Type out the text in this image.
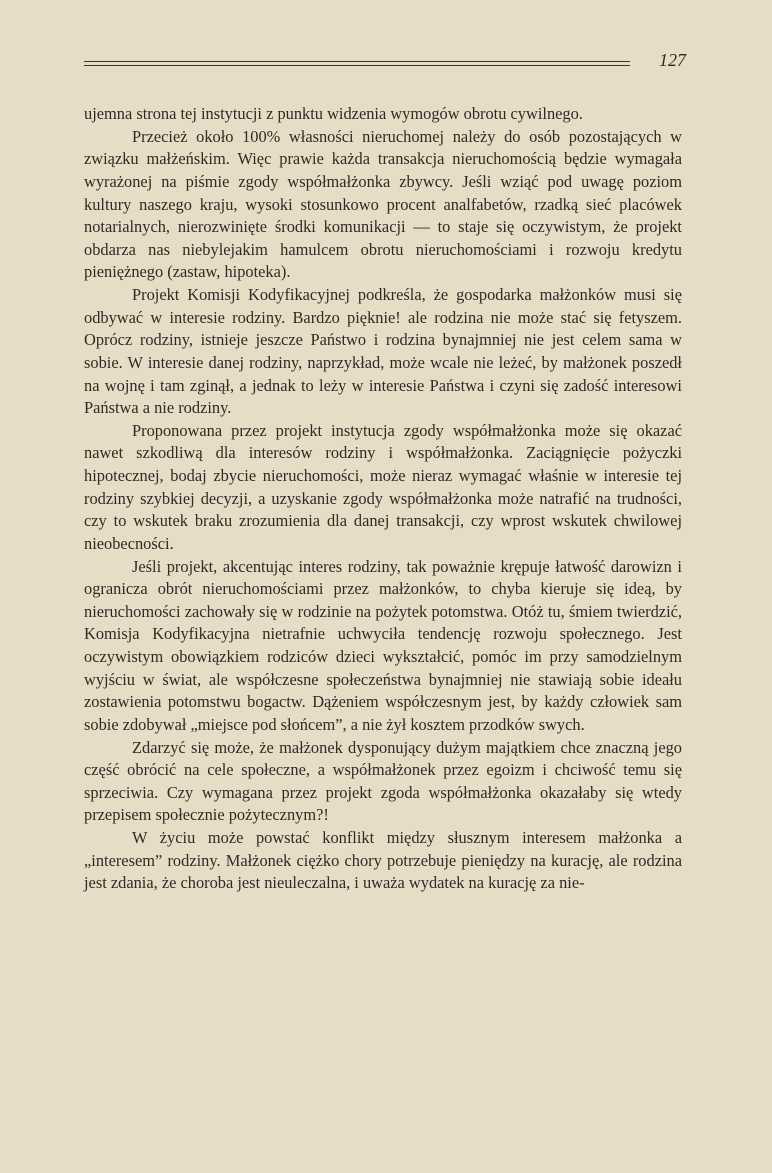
127

ujemna strona tej instytucji z punktu widzenia wymogów obrotu cywilnego.

Przecież około 100% własności nieruchomej należy do osób pozostających w związku małżeńskim. Więc prawie każda transakcja nieruchomością będzie wymagała wyrażonej na piśmie zgody współmałżonka zbywcy. Jeśli wziąć pod uwagę poziom kultury naszego kraju, wysoki stosunkowo procent analfabetów, rzadką sieć placówek notarialnych, nierozwinięte środki komunikacji — to staje się oczywistym, że projekt obdarza nas niebylejakim hamulcem obrotu nieruchomościami i rozwoju kredytu pieniężnego (zastaw, hipoteka).

Projekt Komisji Kodyfikacyjnej podkreśla, że gospodarka małżonków musi się odbywać w interesie rodziny. Bardzo pięknie! ale rodzina nie może stać się fetyszem. Oprócz rodziny, istnieje jeszcze Państwo i rodzina bynajmniej nie jest celem sama w sobie. W interesie danej rodziny, naprzykład, może wcale nie leżeć, by małżonek poszedł na wojnę i tam zginął, a jednak to leży w interesie Państwa i czyni się zadość interesowi Państwa a nie rodziny.

Proponowana przez projekt instytucja zgody współmałżonka może się okazać nawet szkodliwą dla interesów rodziny i współmałżonka. Zaciągnięcie pożyczki hipotecznej, bodaj zbycie nieruchomości, może nieraz wymagać właśnie w interesie tej rodziny szybkiej decyzji, a uzyskanie zgody współmałżonka może natrafić na trudności, czy to wskutek braku zrozumienia dla danej transakcji, czy wprost wskutek chwilowej nieobecności.

Jeśli projekt, akcentując interes rodziny, tak poważnie krępuje łatwość darowizn i ogranicza obrót nieruchomościami przez małżonków, to chyba kieruje się ideą, by nieruchomości zachowały się w rodzinie na pożytek potomstwa. Otóż tu, śmiem twierdzić, Komisja Kodyfikacyjna nietrafnie uchwyciła tendencję rozwoju społecznego. Jest oczywistym obowiązkiem rodziców dzieci wykształcić, pomóc im przy samodzielnym wyjściu w świat, ale współczesne społeczeństwa bynajmniej nie stawiają sobie ideału zostawienia potomstwu bogactw. Dążeniem współczesnym jest, by każdy człowiek sam sobie zdobywał „miejsce pod słońcem”, a nie żył kosztem przodków swych.

Zdarzyć się może, że małżonek dysponujący dużym majątkiem chce znaczną jego część obrócić na cele społeczne, a współmałżonek przez egoizm i chciwość temu się sprzeciwia. Czy wymagana przez projekt zgoda współmałżonka okazałaby się wtedy przepisem społecznie pożytecznym?!

W życiu może powstać konflikt między słusznym interesem małżonka a „interesem” rodziny. Małżonek ciężko chory potrzebuje pieniędzy na kurację, ale rodzina jest zdania, że choroba jest nieuleczalna, i uważa wydatek na kurację za nie-
